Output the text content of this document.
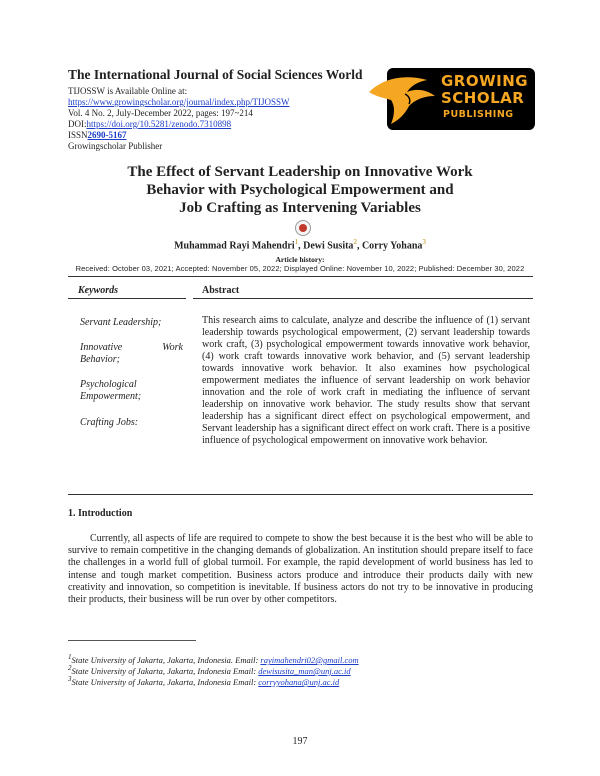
The International Journal of Social Sciences World
TIJOSSW is Available Online at:
https://www.growingscholar.org/journal/index.php/TIJOSSW
Vol. 4 No. 2, July-December 2022, pages: 197~214
DOI:https://doi.org/10.5281/zenodo.7310898
ISSN2690-5167
Growingscholar Publisher
GROWING
SCHOLAR
PUBLISHING
The Effect of Servant Leadership on Innovative Work
Behavior with Psychological Empowerment and
Job Crafting as Intervening Variables
Muhammad Rayi Mahendri$^1$, Dewi Susita$^2$, Corry Yohana$^3$
Article history:
Received: October 03, 2021; Accepted: November 05, 2022; Displayed Online: November 10, 2022; Published: December 30, 2022
Keywords	Abstract
Servant Leadership;
Innovative Work Behavior;
Psychological Empowerment;
Crafting Jobs:
This research aims to calculate, analyze and describe the influence of (1) servant leadership towards psychological empowerment, (2) servant leadership towards work craft, (3) psychological empowerment towards innovative work behavior, (4) work craft towards innovative work behavior, and (5) servant leadership towards innovative work behavior. It also examines how psychological empowerment mediates the influence of servant leadership on work behavior innovation and the role of work craft in mediating the influence of servant leadership on innovative work behavior. The study results show that servant leadership has a significant direct effect on psychological empowerment, and Servant leadership has a significant direct effect on work craft. There is a positive influence of psychological empowerment on innovative work behavior.
1. Introduction
Currently, all aspects of life are required to compete to show the best because it is the best who will be able to survive to remain competitive in the changing demands of globalization. An institution should prepare itself to face the challenges in a world full of global turmoil. For example, the rapid development of world business has led to intense and tough market competition. Business actors produce and introduce their products daily with new creativity and innovation, so competition is inevitable. If business actors do not try to be innovative in producing their products, their business will be run over by other competitors.
$^1$State University of Jakarta, Jakarta, Indonesia. Email: rayimahendri02@gmail.com
$^2$State University of Jakarta, Jakarta, Indonesia Email: dewisusita_man@unj.ac.id
$^3$State University of Jakarta, Jakarta, Indonesia Email: corryyohana@unj.ac.id
197
